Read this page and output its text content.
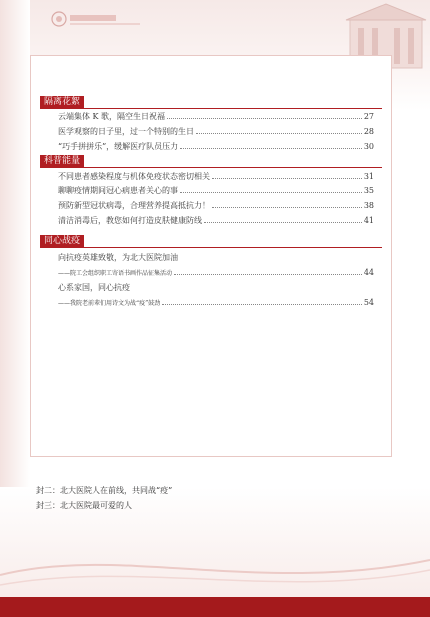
隔离花絮
云端集体 K 歌，隔空生日祝福	27
医学观察的日子里，过一个特别的生日	28
“巧手拼拼乐”，缓解医疗队员压力	30
科普能量
不同患者感染程度与机体免疫状态密切相关	31
聊聊疫情期间冠心病患者关心的事	35
预防新型冠状病毒，合理营养提高抵抗力！	38
清洁消毒后，教您如何打造皮肤健康防线	41
同心战疫
向抗疫英雄致敬，为北大医院加油
——院工会组织职工寄语书画作品征集活动	44
心系家国，同心抗疫
——我院老前辈们用诗文为战“疫”鼓劲	54
封二：北大医院人在前线，共同战“疫”
封三：北大医院最可爱的人
